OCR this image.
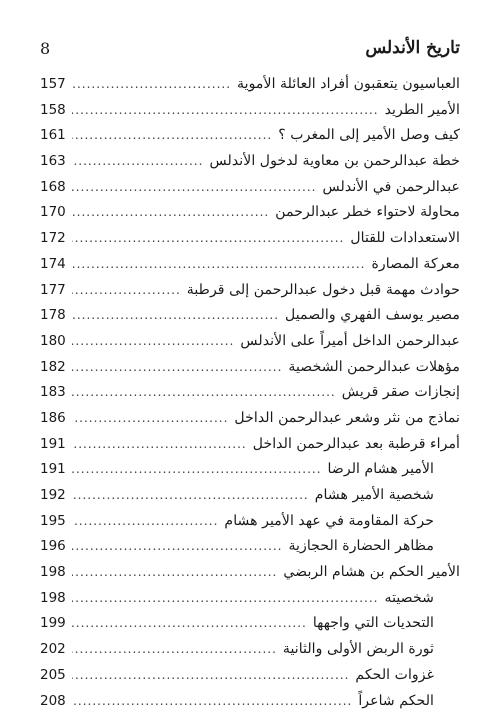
8	تاريخ الأندلس
العباسيون يتعقبون أفراد العائلة الأموية
.....
157
الأمير الطريد
.....
158
كيف وصل الأمير إلى المغرب ؟
.....
161
خطة عبدالرحمن بن معاوية لدخول الأندلس
.....
163
عبدالرحمن في الأندلس
.....
168
محاولة لاحتواء خطر عبدالرحمن
.....
170
الاستعدادات للقتال
.....
172
معركة المصارة
.....
174
حوادث مهمة قبل دخول عبدالرحمن إلى قرطبة
.....
177
مصير يوسف الفهري والصميل
.....
178
عبدالرحمن الداخل أميراً على الأندلس
.....
180
مؤهلات عبدالرحمن الشخصية
.....
182
إنجازات صقر قريش
.....
183
نماذج من نثر وشعر عبدالرحمن الداخل
.....
186
أمراء قرطبة بعد عبدالرحمن الداخل
.....
191
الأمير هشام الرضا
.....
191
شخصية الأمير هشام
.....
192
حركة المقاومة في عهد الأمير هشام
.....
195
مظاهر الحضارة الحجازية
.....
196
الأمير الحكم بن هشام الربضي
.....
198
شخصيته
.....
198
التحديات التي واجهها
.....
199
ثورة الربض الأولى والثانية
.....
202
غزوات الحكم
.....
205
الحكم شاعراً
.....
208
